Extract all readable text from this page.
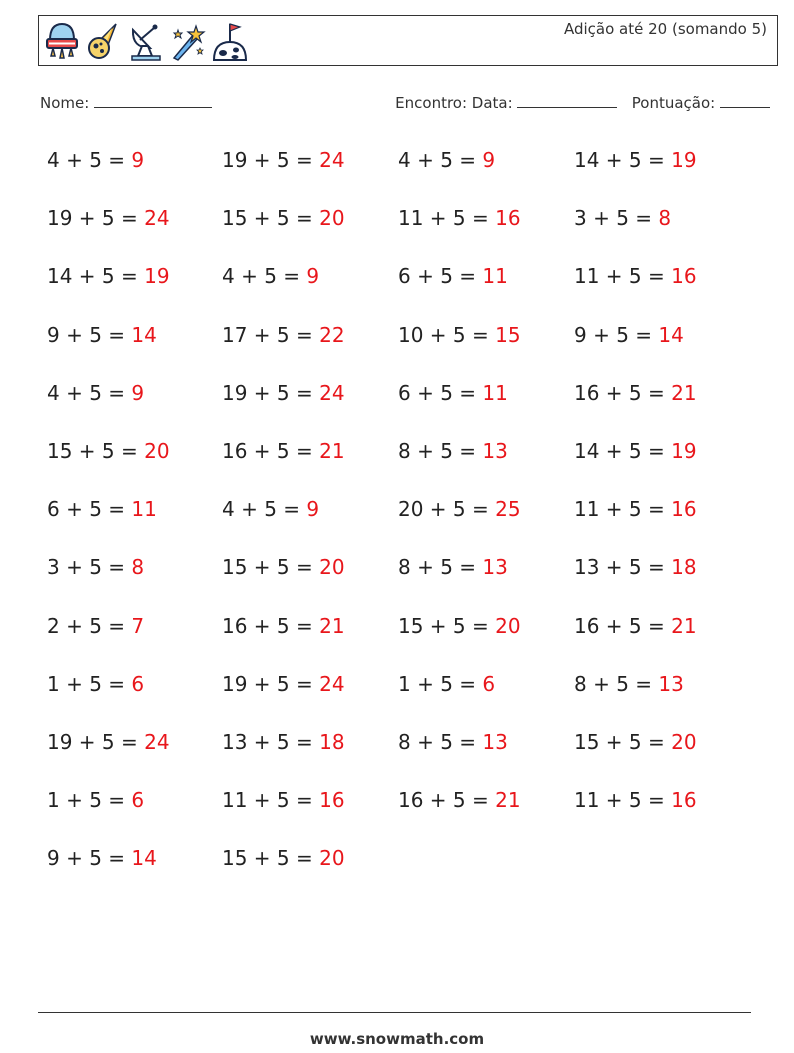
Adição até 20 (somando 5)
Nome:	Encontro: Data:	Pontuação:
4 + 5 = 9	19 + 5 = 24	4 + 5 = 9	14 + 5 = 19
19 + 5 = 24	15 + 5 = 20	11 + 5 = 16	3 + 5 = 8
14 + 5 = 19	4 + 5 = 9	6 + 5 = 11	11 + 5 = 16
9 + 5 = 14	17 + 5 = 22	10 + 5 = 15	9 + 5 = 14
4 + 5 = 9	19 + 5 = 24	6 + 5 = 11	16 + 5 = 21
15 + 5 = 20	16 + 5 = 21	8 + 5 = 13	14 + 5 = 19
6 + 5 = 11	4 + 5 = 9	20 + 5 = 25	11 + 5 = 16
3 + 5 = 8	15 + 5 = 20	8 + 5 = 13	13 + 5 = 18
2 + 5 = 7	16 + 5 = 21	15 + 5 = 20	16 + 5 = 21
1 + 5 = 6	19 + 5 = 24	1 + 5 = 6	8 + 5 = 13
19 + 5 = 24	13 + 5 = 18	8 + 5 = 13	15 + 5 = 20
1 + 5 = 6	11 + 5 = 16	16 + 5 = 21	11 + 5 = 16
9 + 5 = 14	15 + 5 = 20
www.snowmath.com
